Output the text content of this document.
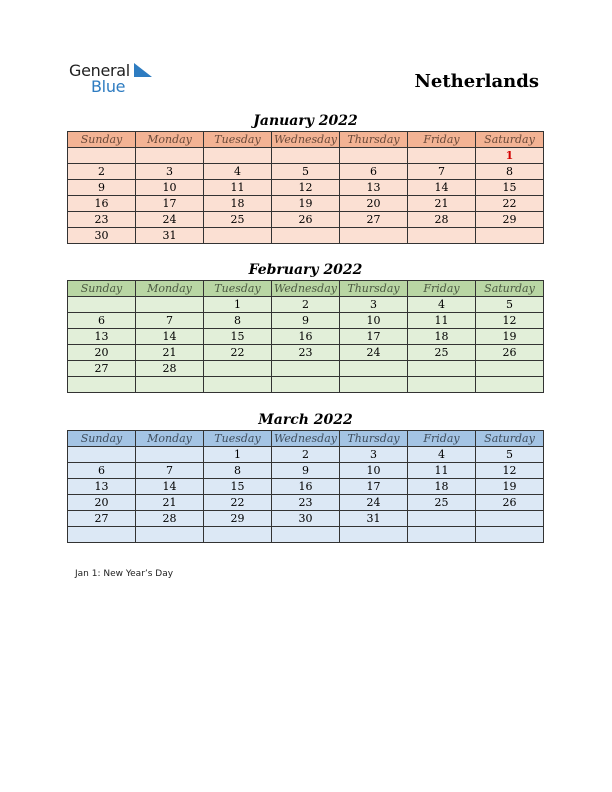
General
Blue	Netherlands
January 2022
Sunday	Monday	Tuesday	Wednesday	Thursday	Friday	Saturday
						1
2	3	4	5	6	7	8
9	10	11	12	13	14	15
16	17	18	19	20	21	22
23	24	25	26	27	28	29
30	31					
February 2022
Sunday	Monday	Tuesday	Wednesday	Thursday	Friday	Saturday
		1	2	3	4	5
6	7	8	9	10	11	12
13	14	15	16	17	18	19
20	21	22	23	24	25	26
27	28					

March 2022
Sunday	Monday	Tuesday	Wednesday	Thursday	Friday	Saturday
		1	2	3	4	5
6	7	8	9	10	11	12
13	14	15	16	17	18	19
20	21	22	23	24	25	26
27	28	29	30	31		

Jan 1: New Year’s Day
